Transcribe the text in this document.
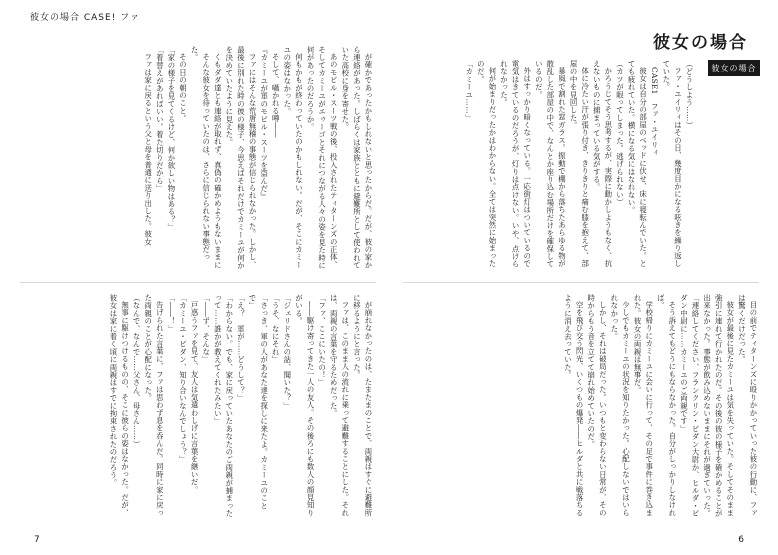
彼女の場合 CASE! ファ

が確かであったかもしれないと思ったからだ。だが、彼の家から連絡があった。しばらくは家族とともに避難所として使われていた高校に身を寄せた。

あのモビル・スーツ戦の後、投入されたティターンズの正体、そしてカミーユがエゥーゴとそれにつながる人々の姿を見た時に何があったのだろうか。

何もかもが終わっていたのかもしれない。だが、そこにカミーユの姿はなかった。

そして、囁かれる噂――

『カミーユが軍のモビル・スーツを盗んだ』

ファにはそんな荒唐無稽の事態が信じられなかった。しかし、最後に別れた時の彼の様子、今思えばそれだけでカミーユが何かを決めていたように見えた。

くもダダ達とも連絡が取れず、真偽の確かめようもないままに

そんな彼女を待っていたのは、さらに信じられない事態だった。

その日の朝のこと。

「家の様子を見てくるけど、何か欲しい物はある？」

「着替えがあればいい。着た切りだから」

ファは家に戻るという父と母を普通に送り出した。彼女

が崩れなかったのは、たまたまのことで、両親はすぐに避難所に移るようにと言った。

ファは、このまま人の流れに乗って避難することにした。それは、両親の言葉を守るためだった。

「ファ、ここにいたの！」

――駆け寄ってきた一人の友人。その後ろにも数人の顔見知りがいる。

「ジェリドさんの話、聞いた？」

「うそ、なにそれ」

「さっき、軍の人があなた達を探しに来たよ。カミーユのことで」

「え？　軍が……どうして？」

「わからない。でも、家に戻っていたあなたのご両親が捕まったって……誰かが教えてくれたみたい」

「――ず、そんな」

戸惑うファを見て、友人は気遣わしげに言葉を継いだ。

「カミーユ・ビダン、知り合いなんでしょう？」

「――！」

告げられた言葉に、ファは思わず息を呑んだ。同時に家に戻った両親のことが心配になった。

（なんで、なんで……父さん、母さん……）

無事に駆けつけるものの、そこに彼らの姿はなかった。だが、彼女は家に着く頃に両親はすでに拘束されたのだろう。

7
彼女の場合
彼女の場合

（どうしよう……）

ファ・ユイリィはその日、幾度目かになる呟きを繰り返していた。

CASE1　ファ・ユイリィ

彼女は自分の部屋のベッドに伏せ、床に寝転んでいた。とても疲れていた。横になる気にはなれない。

（カツが眼ってしまった。逃げられない）

かろうじてそう思考するが、実際に動かしようもなく、抗えないものに捕まっている気がする。

体に冷たい汗が張り付き、きりきりと痛む膝を抱えて、部屋の中を見回した。

暴風で割れた窓ガラス。振動で棚から落ちたあらゆる物が散乱した部屋の中で、なんとか座り込む場所だけを確保しているのだ。

外はすっかり暗くなっている。一応街灯はついているので電気はきているのだろうが、灯りは点けない。いや、点けられなかった。

何が始まりだったかはわからない。全ては突然に始まったのだ。

「カミーユ……」

目の前でティターンズに殴りかかっていった彼の行動に、ファは驚くだけだった。

彼女が最後に見たカミーユは気を失っていた。そしてそのまま強引に連れて行かれたのだ。その後の彼の様子を確かめることが出来なかった。事態が飲み込めないままにそれが過ぎていった。

「連絡してください、フランクリン・ビダン大尉か、ヒルダ・ビダン中尉に……カミーユのご両親です」

そう訴えてもどうにもならなかった。自分がしっかりしなければ。

学校帰りにカミーユに会いに行って、その足で事件に巻き込まれた。彼女の両親は無事だ。

少しでもカミーユの状況を知りたかった。心配しないではいられなかった。

しかし、それは破局だった。いつもと変わらない日常が、その時からもう音を立てて崩れ始めていたのだ。

空を飛び交う閃光、いくつもの爆発――ヒルダと共に戦落ちるように消え去っていた。

6
